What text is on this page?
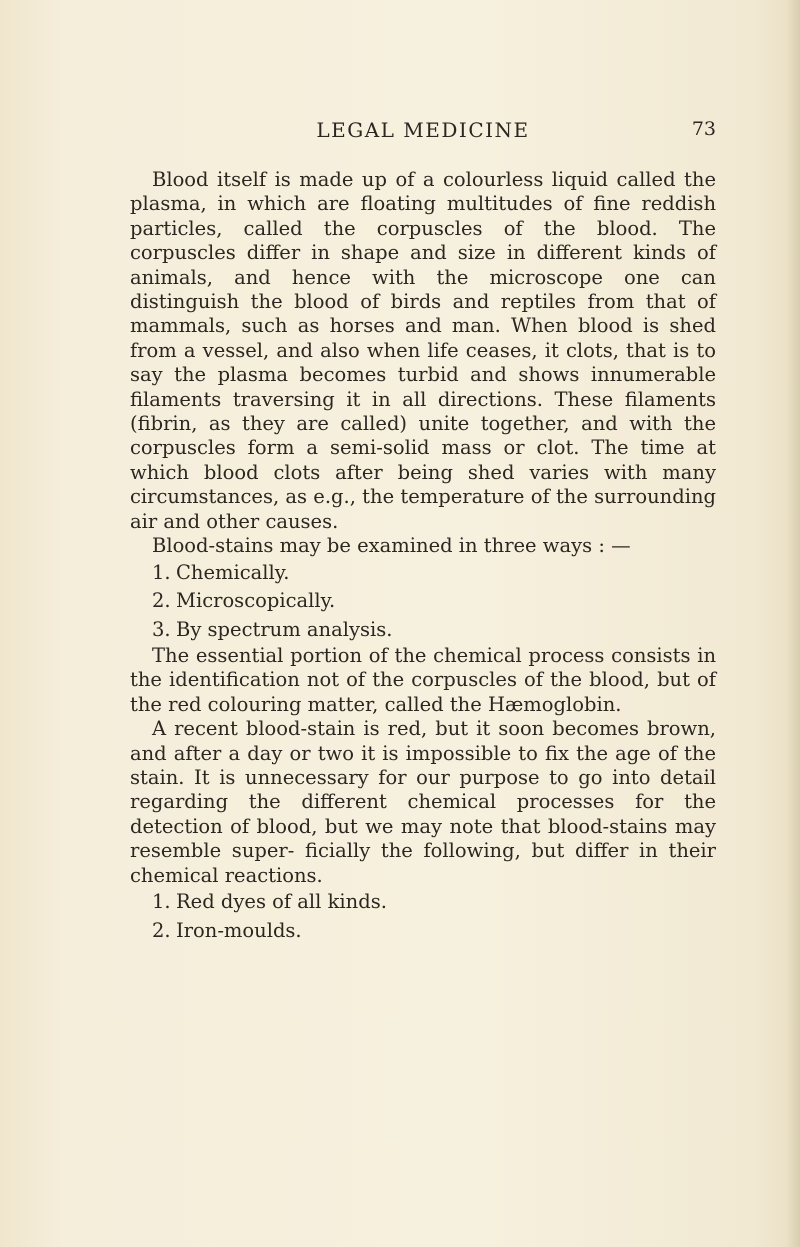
LEGAL MEDICINE	73

Blood itself is made up of a colourless liquid called the plasma, in which are floating multitudes of fine reddish particles, called the corpuscles of the blood. The corpuscles differ in shape and size in different kinds of animals, and hence with the microscope one can distinguish the blood of birds and reptiles from that of mammals, such as horses and man. When blood is shed from a vessel, and also when life ceases, it clots, that is to say the plasma becomes turbid and shows innumerable filaments traversing it in all directions. These filaments (fibrin, as they are called) unite together, and with the corpuscles form a semi-solid mass or clot. The time at which blood clots after being shed varies with many circumstances, as e.g., the temperature of the surrounding air and other causes.

Blood-stains may be examined in three ways : —

1. Chemically.

2. Microscopically.

3. By spectrum analysis.

The essential portion of the chemical process consists in the identification not of the corpuscles of the blood, but of the red colouring matter, called the Hæmoglobin.

A recent blood-stain is red, but it soon becomes brown, and after a day or two it is impossible to fix the age of the stain. It is unnecessary for our purpose to go into detail regarding the different chemical processes for the detection of blood, but we may note that blood-stains may resemble super- ficially the following, but differ in their chemical reactions.

1. Red dyes of all kinds.

2. Iron-moulds.
